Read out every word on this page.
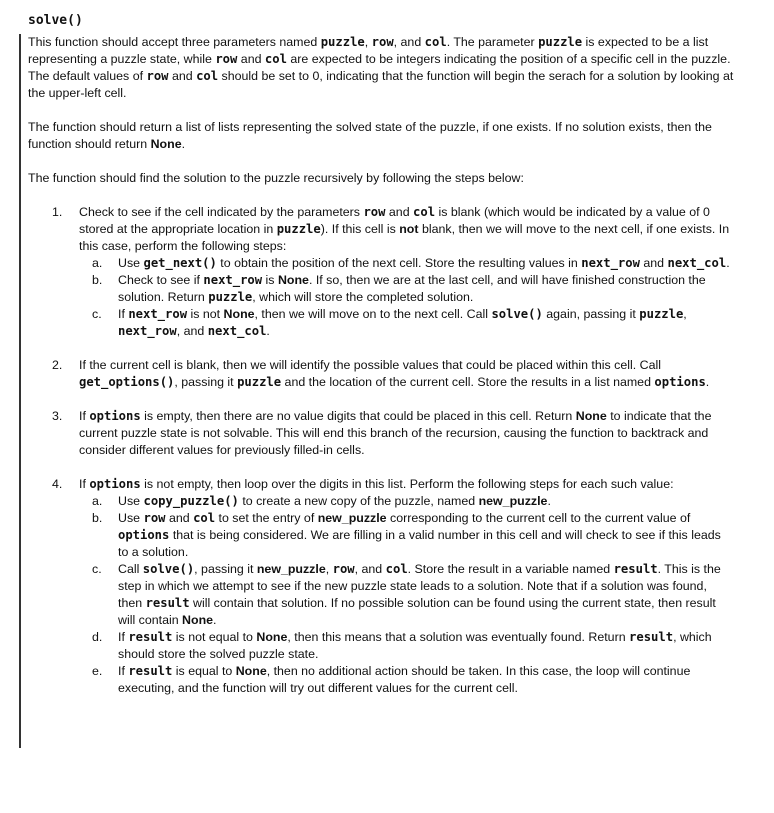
solve()

This function should accept three parameters named puzzle, row, and col. The parameter puzzle is expected to be a list representing a puzzle state, while row and col are expected to be integers indicating the position of a specific cell in the puzzle. The default values of row and col should be set to 0, indicating that the function will begin the serach for a solution by looking at the upper-left cell.

The function should return a list of lists representing the solved state of the puzzle, if one exists. If no solution exists, then the function should return None.

The function should find the solution to the puzzle recursively by following the steps below:

1. Check to see if the cell indicated by the parameters row and col is blank (which would be indicated by a value of 0 stored at the appropriate location in puzzle). If this cell is not blank, then we will move to the next cell, if one exists. In this case, perform the following steps:
a. Use get_next() to obtain the position of the next cell. Store the resulting values in next_row and next_col.
b. Check to see if next_row is None. If so, then we are at the last cell, and will have finished construction the solution. Return puzzle, which will store the completed solution.
c. If next_row is not None, then we will move on to the next cell. Call solve() again, passing it puzzle, next_row, and next_col.
2. If the current cell is blank, then we will identify the possible values that could be placed within this cell. Call get_options(), passing it puzzle and the location of the current cell. Store the results in a list named options.
3. If options is empty, then there are no value digits that could be placed in this cell. Return None to indicate that the current puzzle state is not solvable. This will end this branch of the recursion, causing the function to backtrack and consider different values for previously filled-in cells.
4. If options is not empty, then loop over the digits in this list. Perform the following steps for each such value:
a. Use copy_puzzle() to create a new copy of the puzzle, named new_puzzle.
b. Use row and col to set the entry of new_puzzle corresponding to the current cell to the current value of options that is being considered. We are filling in a valid number in this cell and will check to see if this leads to a solution.
c. Call solve(), passing it new_puzzle, row, and col. Store the result in a variable named result. This is the step in which we attempt to see if the new puzzle state leads to a solution. Note that if a solution was found, then result will contain that solution. If no possible solution can be found using the current state, then result will contain None.
d. If result is not equal to None, then this means that a solution was eventually found. Return result, which should store the solved puzzle state.
e. If result is equal to None, then no additional action should be taken. In this case, the loop will continue executing, and the function will try out different values for the current cell.
